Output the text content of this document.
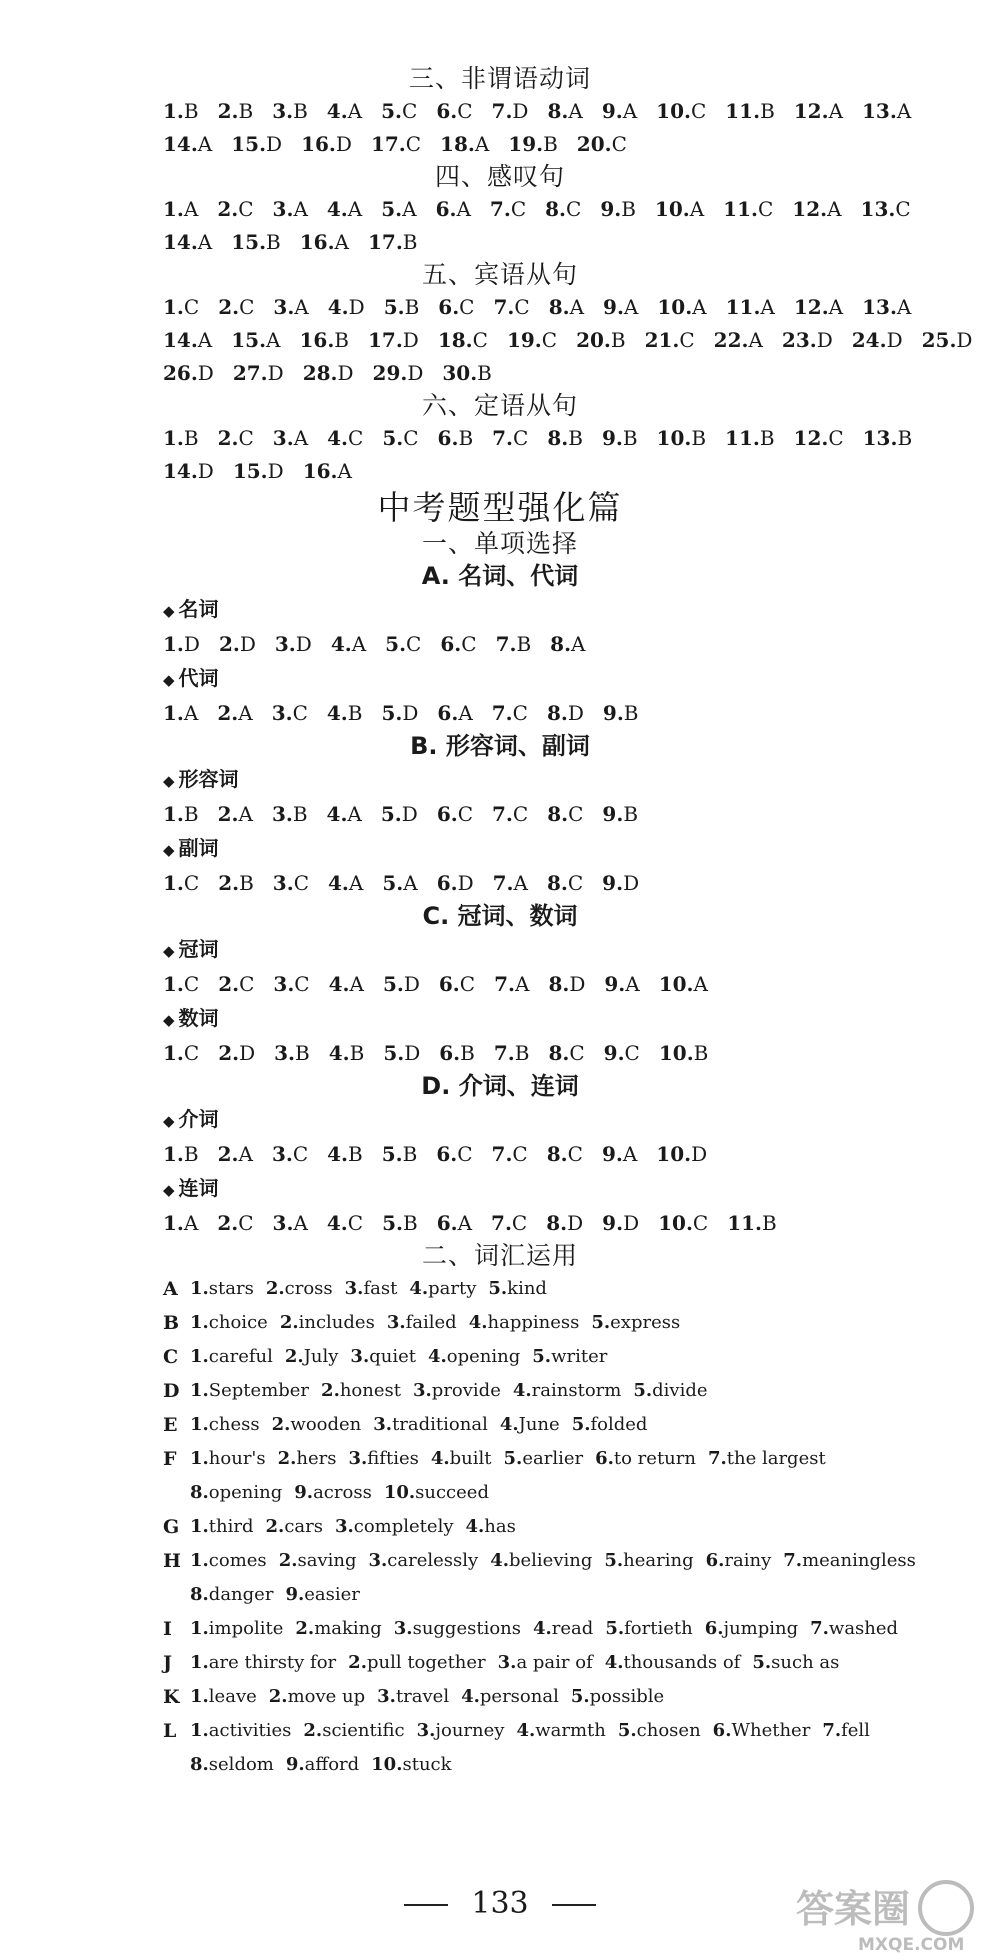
三、非谓语动词
1.B 2.B 3.B 4.A 5.C 6.C 7.D 8.A 9.A 10.C 11.B 12.A 13.A
14.A 15.D 16.D 17.C 18.A 19.B 20.C
四、感叹句
1.A 2.C 3.A 4.A 5.A 6.A 7.C 8.C 9.B 10.A 11.C 12.A 13.C
14.A 15.B 16.A 17.B
五、宾语从句
1.C 2.C 3.A 4.D 5.B 6.C 7.C 8.A 9.A 10.A 11.A 12.A 13.A
14.A 15.A 16.B 17.D 18.C 19.C 20.B 21.C 22.A 23.D 24.D 25.D
26.D 27.D 28.D 29.D 30.B
六、定语从句
1.B 2.C 3.A 4.C 5.C 6.B 7.C 8.B 9.B 10.B 11.B 12.C 13.B
14.D 15.D 16.A
中考题型强化篇
一、单项选择
A. 名词、代词
◆ 名词
1.D 2.D 3.D 4.A 5.C 6.C 7.B 8.A
◆ 代词
1.A 2.A 3.C 4.B 5.D 6.A 7.C 8.D 9.B
B. 形容词、副词
◆ 形容词
1.B 2.A 3.B 4.A 5.D 6.C 7.C 8.C 9.B
◆ 副词
1.C 2.B 3.C 4.A 5.A 6.D 7.A 8.C 9.D
C. 冠词、数词
◆ 冠词
1.C 2.C 3.C 4.A 5.D 6.C 7.A 8.D 9.A 10.A
◆ 数词
1.C 2.D 3.B 4.B 5.D 6.B 7.B 8.C 9.C 10.B
D. 介词、连词
◆ 介词
1.B 2.A 3.C 4.B 5.B 6.C 7.C 8.C 9.A 10.D
◆ 连词
1.A 2.C 3.A 4.C 5.B 6.A 7.C 8.D 9.D 10.C 11.B
二、词汇运用
A 1.stars 2.cross 3.fast 4.party 5.kind
B 1.choice 2.includes 3.failed 4.happiness 5.express
C 1.careful 2.July 3.quiet 4.opening 5.writer
D 1.September 2.honest 3.provide 4.rainstorm 5.divide
E 1.chess 2.wooden 3.traditional 4.June 5.folded
F 1.hour's 2.hers 3.fifties 4.built 5.earlier 6.to return 7.the largest
8.opening 9.across 10.succeed
G 1.third 2.cars 3.completely 4.has
H 1.comes 2.saving 3.carelessly 4.believing 5.hearing 6.rainy 7.meaningless
8.danger 9.easier
I	1.impolite 2.making 3.suggestions 4.read 5.fortieth 6.jumping 7.washed
J	1.are thirsty for 2.pull together 3.a pair of 4.thousands of 5.such as
K 1.leave 2.move up 3.travel 4.personal 5.possible
L 1.activities 2.scientific 3.journey 4.warmth 5.chosen 6.Whether 7.fell
8.seldom 9.afford 10.stuck
133	答案圈
MXQE.COM
